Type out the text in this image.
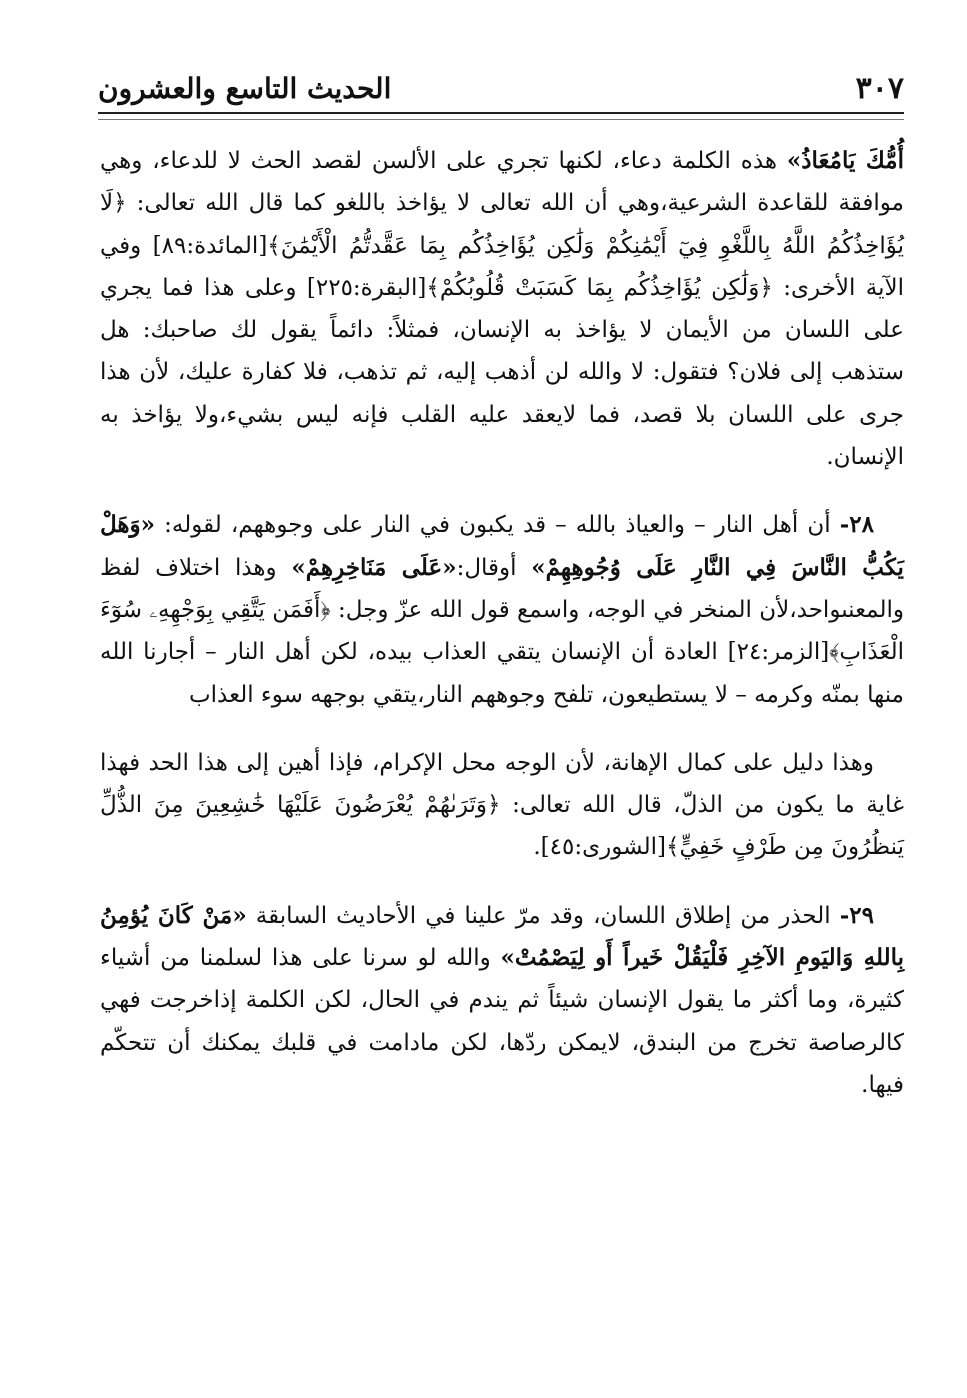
٣٠٧
الحديث التاسع والعشرون

أُمُّكَ يَامُعَاذُ» هذه الكلمة دعاء، لكنها تجري على الألسن لقصد الحث لا للدعاء، وهي موافقة للقاعدة الشرعية،وهي أن الله تعالى لا يؤاخذ باللغو كما قال الله تعالى: ﴿لَا يُؤَاخِذُكُمُ اللَّهُ بِاللَّغْوِ فِيٓ أَيْمَٰنِكُمْ وَلَٰكِن يُؤَاخِذُكُم بِمَا عَقَّدتُّمُ الْأَيْمَٰنَ﴾[المائدة:٨٩] وفي الآية الأخرى: ﴿وَلَٰكِن يُؤَاخِذُكُم بِمَا كَسَبَتْ قُلُوبُكُمْ﴾[البقرة:٢٢٥] وعلى هذا فما يجري على اللسان من الأيمان لا يؤاخذ به الإنسان، فمثلاً: دائماً يقول لك صاحبك: هل ستذهب إلى فلان؟ فتقول: لا والله لن أذهب إليه، ثم تذهب، فلا كفارة عليك، لأن هذا جرى على اللسان بلا قصد، فما لايعقد عليه القلب فإنه ليس بشيء،ولا يؤاخذ به الإنسان.

٢٨- أن أهل النار – والعياذ بالله – قد يكبون في النار على وجوههم، لقوله: «وَهَلْ يَكُبُّ النَّاسَ فِي النَّارِ عَلَى وُجُوهِهِمْ» أوقال:«عَلَى مَنَاخِرِهِمْ» وهذا اختلاف لفظ والمعنىواحد،لأن المنخر في الوجه، واسمع قول الله عزّ وجل: ﴿أَفَمَن يَتَّقِي بِوَجْهِهِۦ سُوٓءَ الْعَذَابِ﴾[الزمر:٢٤] العادة أن الإنسان يتقي العذاب بيده، لكن أهل النار – أجارنا الله منها بمنّه وكرمه – لا يستطيعون، تلفح وجوههم النار،يتقي بوجهه سوء العذاب

وهذا دليل على كمال الإهانة، لأن الوجه محل الإكرام، فإذا أهين إلى هذا الحد فهذا غاية ما يكون من الذلّ، قال الله تعالى: ﴿وَتَرَىٰهُمْ يُعْرَضُونَ عَلَيْهَا خَٰشِعِينَ مِنَ الذُّلِّ يَنظُرُونَ مِن طَرْفٍ خَفِيٍّ﴾[الشورى:٤٥].

٢٩- الحذر من إطلاق اللسان، وقد مرّ علينا في الأحاديث السابقة «مَنْ كَانَ يُؤمِنُ بِاللهِ وَاليَومِ الآخِرِ فَلْيَقُلْ خَيراً أَو لِيَصْمُتْ» والله لو سرنا على هذا لسلمنا من أشياء كثيرة، وما أكثر ما يقول الإنسان شيئاً ثم يندم في الحال، لكن الكلمة إذاخرجت فهي كالرصاصة تخرج من البندق، لايمكن ردّها، لكن مادامت في قلبك يمكنك أن تتحكّم فيها.
